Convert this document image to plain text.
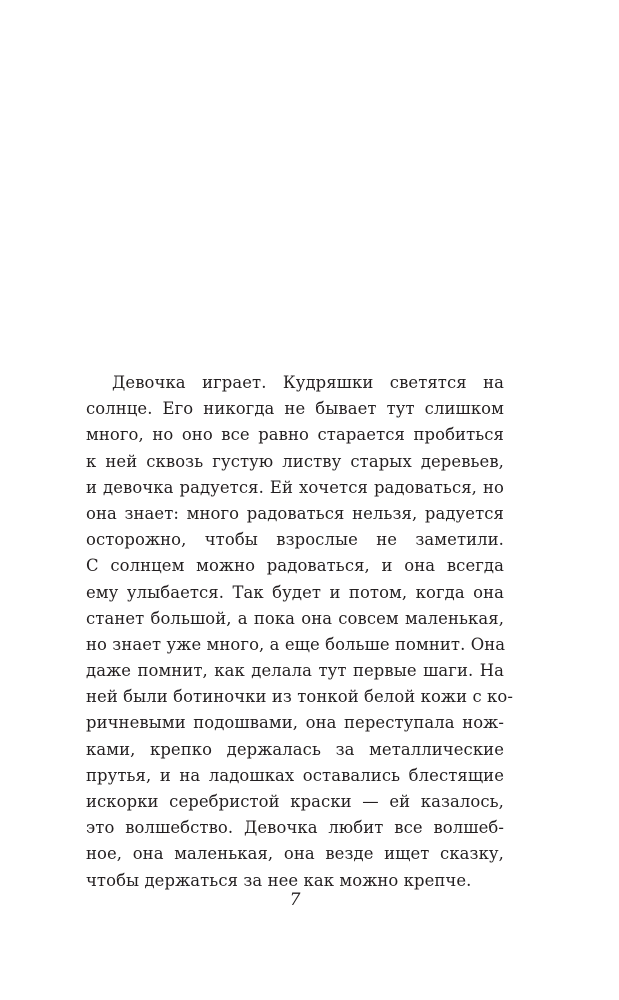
Девочка играет. Кудряшки светятся на
солнце. Его никогда не бывает тут слишком
много, но оно все равно старается пробиться
к ней сквозь густую листву старых деревьев,
и девочка радуется. Ей хочется радоваться, но
она знает: много радоваться нельзя, радуется
осторожно, чтобы взрослые не заметили.
С солнцем можно радоваться, и она всегда
ему улыбается. Так будет и потом, когда она
станет большой, а пока она совсем маленькая,
но знает уже много, а еще больше помнит. Она
даже помнит, как делала тут первые шаги. На
ней были ботиночки из тонкой белой кожи с ко-
ричневыми подошвами, она переступала нож-
ками, крепко держалась за металлические
прутья, и на ладошках оставались блестящие
искорки серебристой краски — ей казалось,
это волшебство. Девочка любит все волшеб-
ное, она маленькая, она везде ищет сказку,
чтобы держаться за нее как можно крепче.
7
